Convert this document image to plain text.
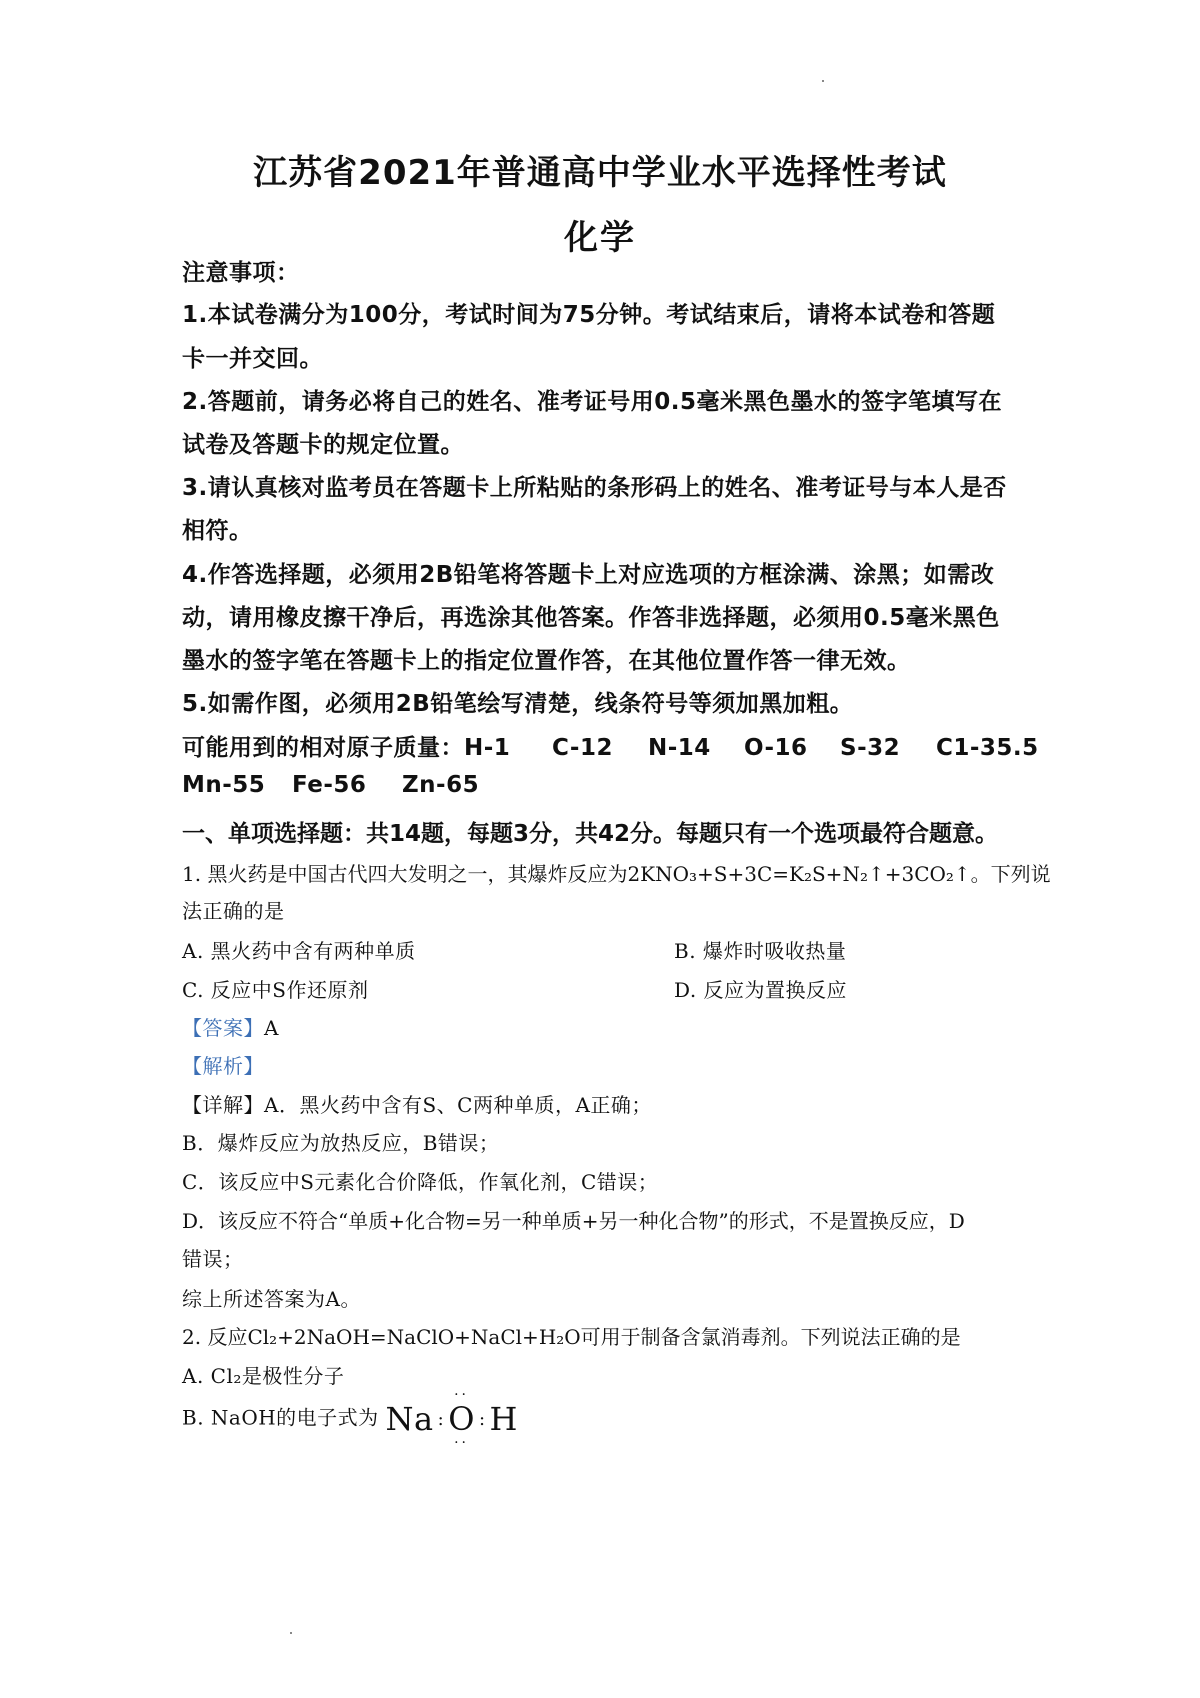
江苏省2021年普通高中学业水平选择性考试
化学
注意事项：
1.本试卷满分为100分，考试时间为75分钟。考试结束后，请将本试卷和答题
卡一并交回。
2.答题前，请务必将自己的姓名、准考证号用0.5毫米黑色墨水的签字笔填写在
试卷及答题卡的规定位置。
3.请认真核对监考员在答题卡上所粘贴的条形码上的姓名、准考证号与本人是否
相符。
4.作答选择题，必须用2B铅笔将答题卡上对应选项的方框涂满、涂黑；如需改
动，请用橡皮擦干净后，再选涂其他答案。作答非选择题，必须用0.5毫米黑色
墨水的签字笔在答题卡上的指定位置作答，在其他位置作答一律无效。
5.如需作图，必须用2B铅笔绘写清楚，线条符号等须加黑加粗。
可能用到的相对原子质量：H-1 C-12 N-14 O-16 S-32 C1-35.5
Mn-55 Fe-56 Zn-65
一、单项选择题：共14题，每题3分，共42分。每题只有一个选项最符合题意。
1. 黑火药是中国古代四大发明之一，其爆炸反应为2KNO₃+S+3C=K₂S+N₂↑+3CO₂↑。下列说
法正确的是
A. 黑火药中含有两种单质	B. 爆炸时吸收热量
C. 反应中S作还原剂	D. 反应为置换反应
【答案】A
【解析】
【详解】A．黑火药中含有S、C两种单质，A正确；
B．爆炸反应为放热反应，B错误；
C．该反应中S元素化合价降低，作氧化剂，C错误；
D．该反应不符合“单质+化合物=另一种单质+另一种化合物”的形式，不是置换反应，D
错误；
综上所述答案为A。
2. 反应Cl₂+2NaOH=NaClO+NaCl+H₂O可用于制备含氯消毒剂。下列说法正确的是
A. Cl₂是极性分子
B. NaOH的电子式为 Na :
··
O
··
: H
